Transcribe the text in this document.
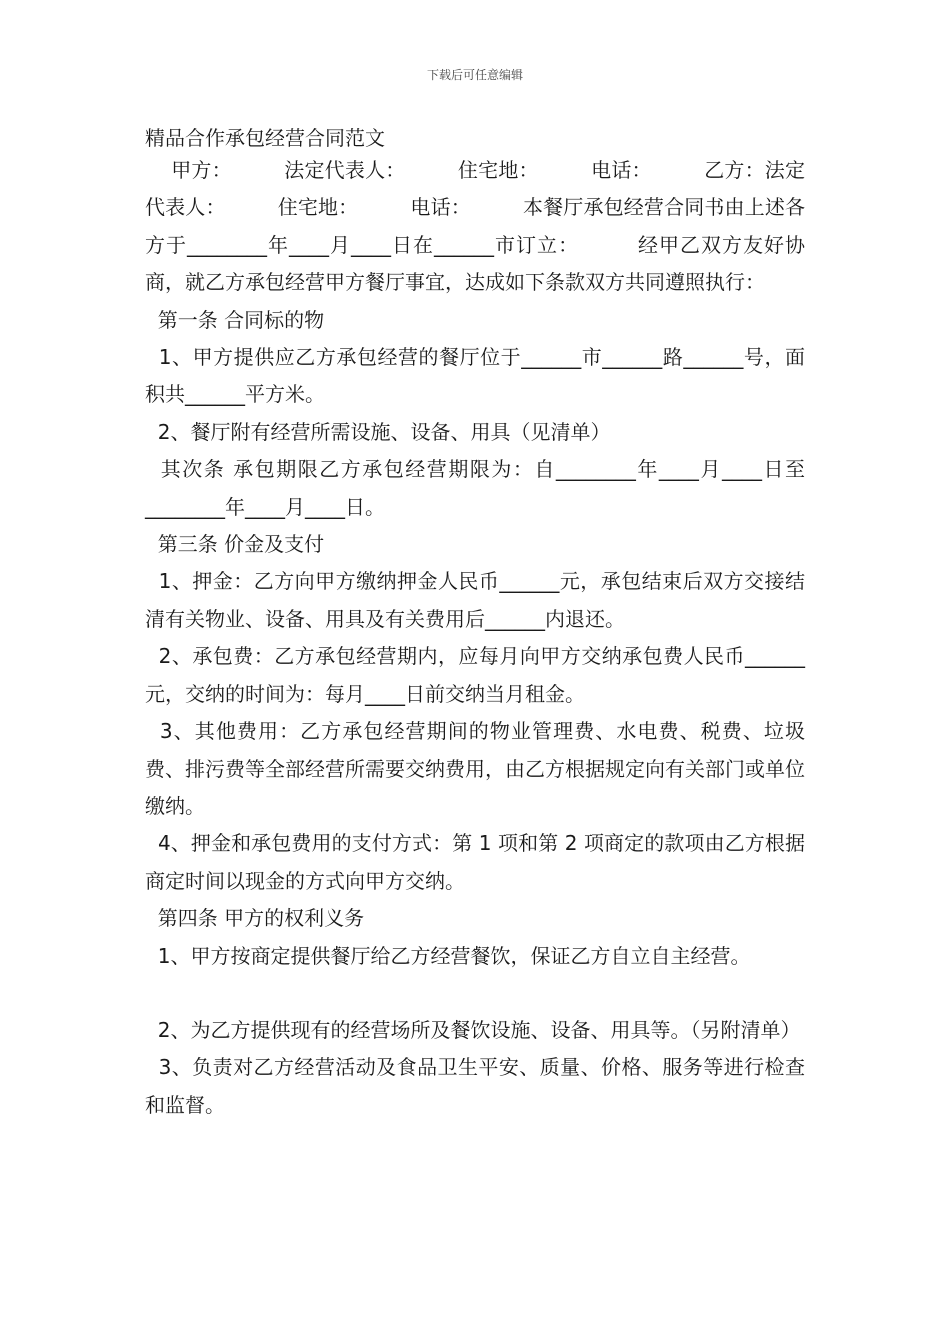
下载后可任意编辑
精品合作承包经营合同范文

甲方：        法定代表人：        住宅地：        电话：        乙方：法定代表人：        住宅地：        电话：        本餐厅承包经营合同书由上述各方于________年____月____日在______市订立：        经甲乙双方友好协商，就乙方承包经营甲方餐厅事宜，达成如下条款双方共同遵照执行：

第一条 合同标的物

1、甲方提供应乙方承包经营的餐厅位于______市______路______号，面积共______平方米。

2、餐厅附有经营所需设施、设备、用具（见清单）

其次条 承包期限乙方承包经营期限为：自________年____月____日至________年____月____日。

第三条 价金及支付

1、押金：乙方向甲方缴纳押金人民币______元，承包结束后双方交接结清有关物业、设备、用具及有关费用后______内退还。

2、承包费：乙方承包经营期内，应每月向甲方交纳承包费人民币______元，交纳的时间为：每月____日前交纳当月租金。

3、其他费用：乙方承包经营期间的物业管理费、水电费、税费、垃圾费、排污费等全部经营所需要交纳费用，由乙方根据规定向有关部门或单位缴纳。

4、押金和承包费用的支付方式：第 1 项和第 2 项商定的款项由乙方根据商定时间以现金的方式向甲方交纳。

第四条 甲方的权利义务

1、甲方按商定提供餐厅给乙方经营餐饮，保证乙方自立自主经营。

2、为乙方提供现有的经营场所及餐饮设施、设备、用具等。（另附清单）

3、负责对乙方经营活动及食品卫生平安、质量、价格、服务等进行检查和监督。
